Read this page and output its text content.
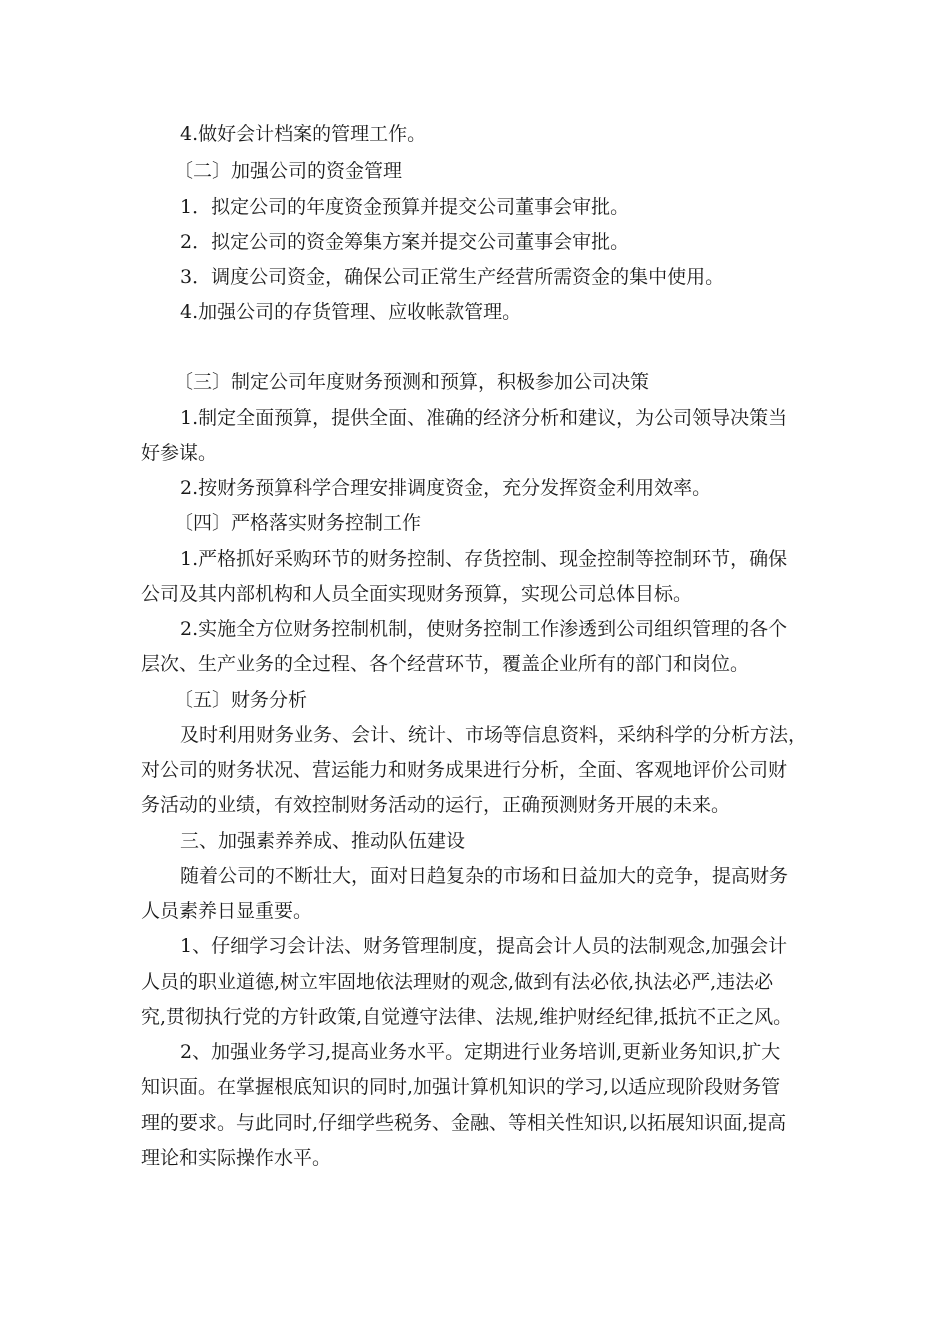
4.做好会计档案的管理工作。
〔二〕加强公司的资金管理
1．拟定公司的年度资金预算并提交公司董事会审批。
2．拟定公司的资金筹集方案并提交公司董事会审批。
3．调度公司资金，确保公司正常生产经营所需资金的集中使用。
4.加强公司的存货管理、应收帐款管理。
〔三〕制定公司年度财务预测和预算，积极参加公司决策
1.制定全面预算，提供全面、准确的经济分析和建议，为公司领导决策当
好参谋。
2.按财务预算科学合理安排调度资金，充分发挥资金利用效率。
〔四〕严格落实财务控制工作
1.严格抓好采购环节的财务控制、存货控制、现金控制等控制环节，确保
公司及其内部机构和人员全面实现财务预算，实现公司总体目标。
2.实施全方位财务控制机制，使财务控制工作渗透到公司组织管理的各个
层次、生产业务的全过程、各个经营环节，覆盖企业所有的部门和岗位。
〔五〕财务分析
及时利用财务业务、会计、统计、市场等信息资料，采纳科学的分析方法，
对公司的财务状况、营运能力和财务成果进行分析，全面、客观地评价公司财
务活动的业绩，有效控制财务活动的运行，正确预测财务开展的未来。
三、加强素养养成、推动队伍建设
随着公司的不断壮大，面对日趋复杂的市场和日益加大的竞争，提高财务
人员素养日显重要。
1、仔细学习会计法、财务管理制度，提高会计人员的法制观念,加强会计
人员的职业道德,树立牢固地依法理财的观念,做到有法必依,执法必严,违法必
究,贯彻执行党的方针政策,自觉遵守法律、法规,维护财经纪律,抵抗不正之风。
2、加强业务学习,提高业务水平。定期进行业务培训,更新业务知识,扩大
知识面。在掌握根底知识的同时,加强计算机知识的学习,以适应现阶段财务管
理的要求。与此同时,仔细学些税务、金融、等相关性知识,以拓展知识面,提高
理论和实际操作水平。
